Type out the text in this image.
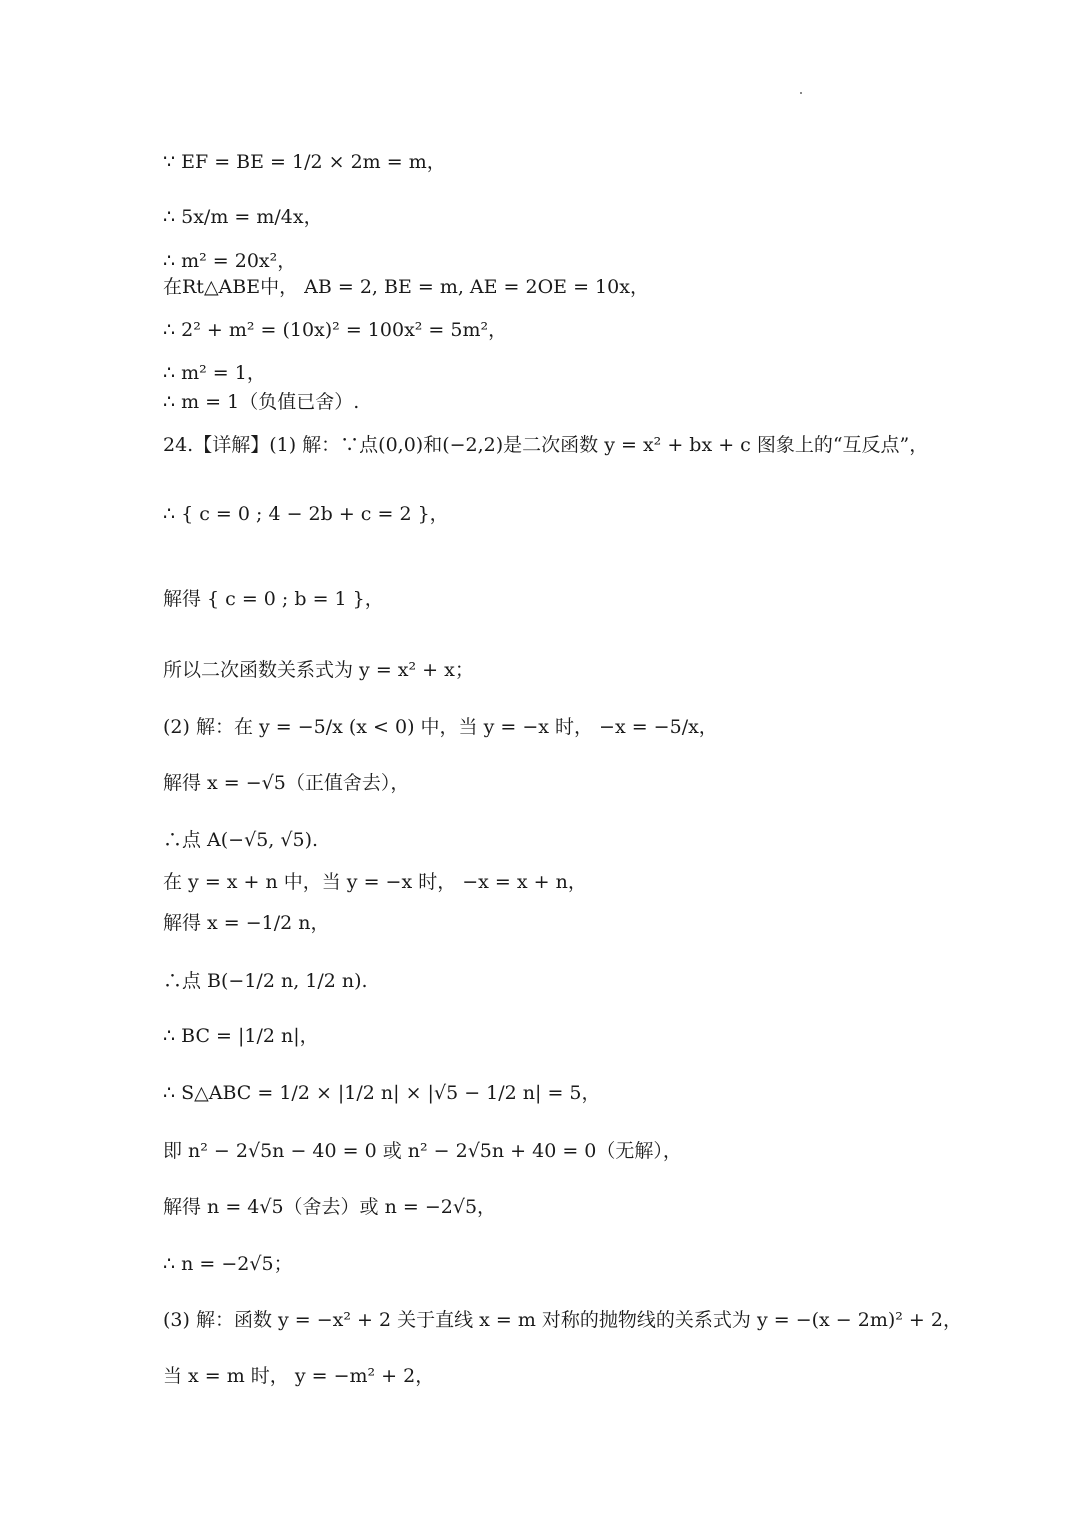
∵ EF = BE = 1/2 × 2m = m，
∴ 5x/m = m/4x，
∴ m² = 20x²，
在Rt△ABE中， AB = 2, BE = m, AE = 2OE = 10x，
∴ 2² + m² = (10x)² = 100x² = 5m²，
∴ m² = 1，
∴ m = 1（负值已舍）.
24.【详解】(1) 解：∵点(0,0)和(−2,2)是二次函数 y = x² + bx + c 图象上的“互反点”，
∴ { c = 0 ; 4 − 2b + c = 2 }，
解得 { c = 0 ; b = 1 }，
所以二次函数关系式为 y = x² + x；
(2) 解：在 y = −5/x (x < 0) 中，当 y = −x 时， −x = −5/x，
解得 x = −√5（正值舍去），
∴点 A(−√5, √5).
在 y = x + n 中，当 y = −x 时， −x = x + n，
解得 x = −1/2 n，
∴点 B(−1/2 n, 1/2 n).
∴ BC = |1/2 n|，
∴ S△ABC = 1/2 × |1/2 n| × |√5 − 1/2 n| = 5，
即 n² − 2√5n − 40 = 0 或 n² − 2√5n + 40 = 0（无解），
解得 n = 4√5（舍去）或 n = −2√5，
∴ n = −2√5；
(3) 解：函数 y = −x² + 2 关于直线 x = m 对称的抛物线的关系式为 y = −(x − 2m)² + 2，
当 x = m 时， y = −m² + 2，
